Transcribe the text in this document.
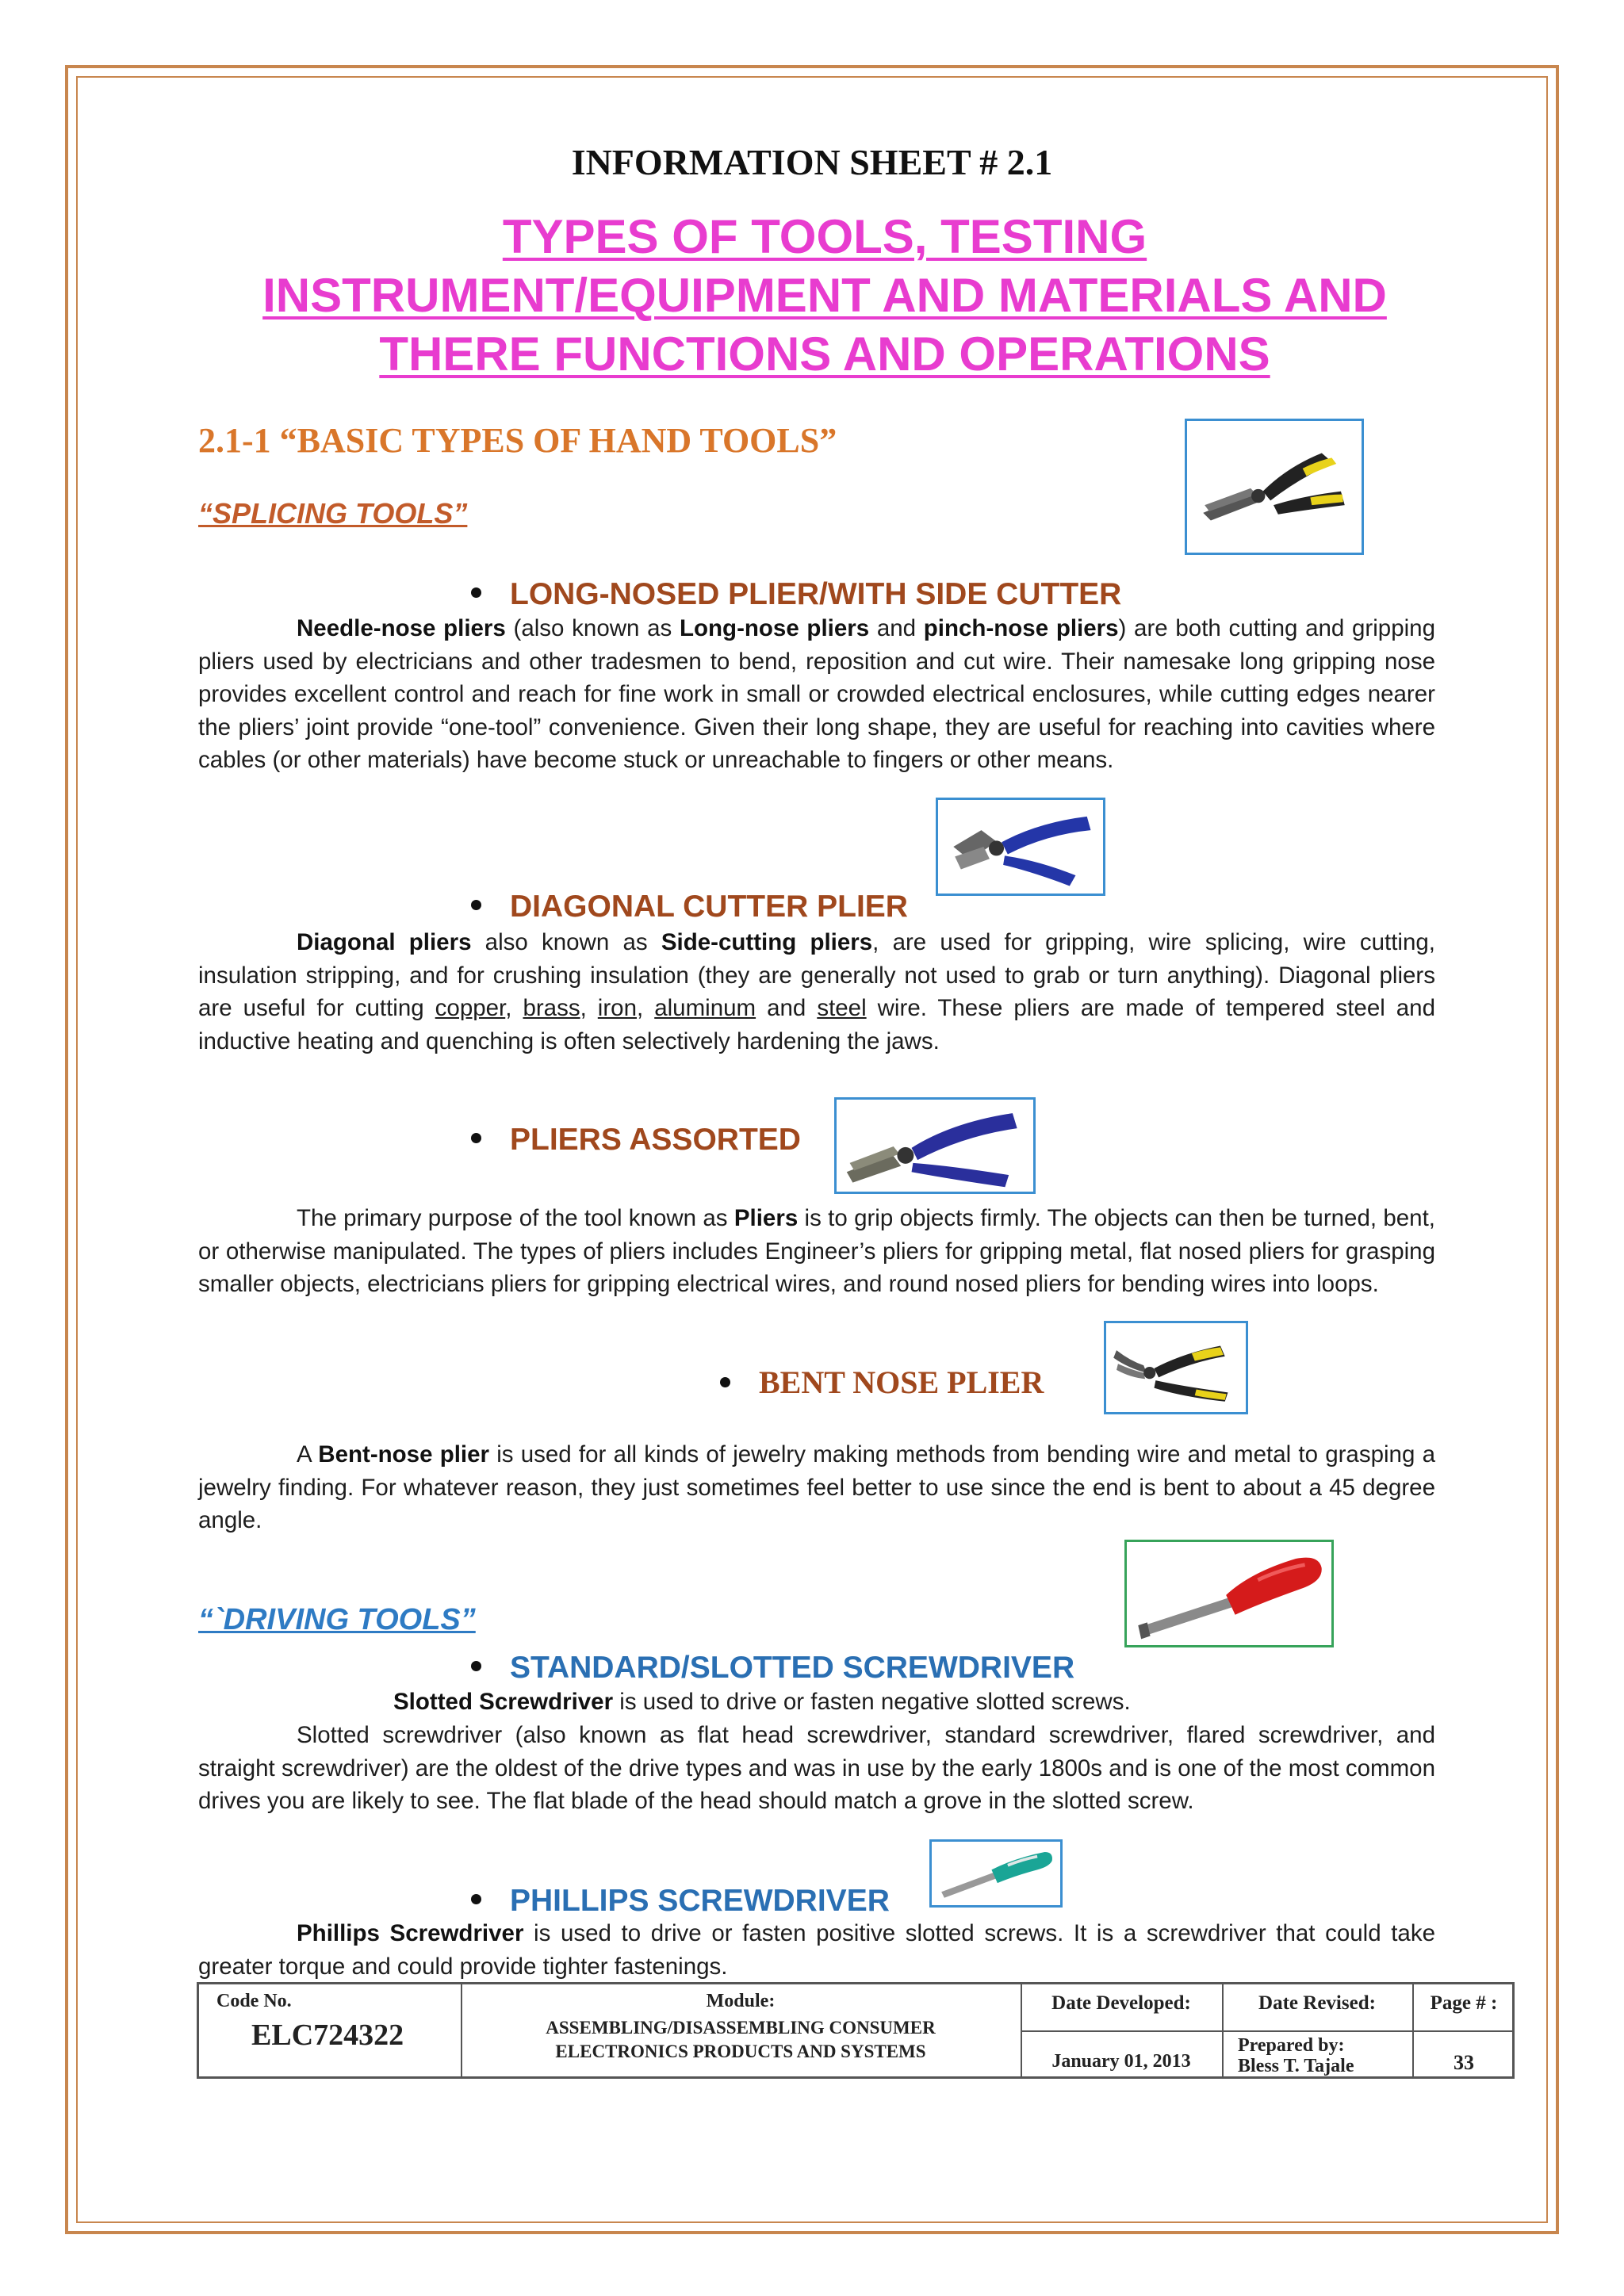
INFORMATION SHEET # 2.1
TYPES OF TOOLS, TESTING
INSTRUMENT/EQUIPMENT AND MATERIALS AND
THERE FUNCTIONS AND OPERATIONS
2.1-1 “BASIC TYPES OF HAND TOOLS”
“SPLICING TOOLS”
LONG-NOSED PLIER/WITH SIDE CUTTER
Needle-nose pliers (also known as Long-nose pliers and pinch-nose pliers) are both cutting and gripping pliers used by electricians and other tradesmen to bend, reposition and cut wire. Their namesake long gripping nose provides excellent control and reach for fine work in small or crowded electrical enclosures, while cutting edges nearer the pliers’ joint provide “one-tool” convenience. Given their long shape, they are useful for reaching into cavities where cables (or other materials) have become stuck or unreachable to fingers or other means.
DIAGONAL CUTTER PLIER
Diagonal pliers also known as Side-cutting pliers, are used for gripping, wire splicing, wire cutting, insulation stripping, and for crushing insulation (they are generally not used to grab or turn anything). Diagonal pliers are useful for cutting copper, brass, iron, aluminum and steel wire. These pliers are made of tempered steel and inductive heating and quenching is often selectively hardening the jaws.
PLIERS ASSORTED
The primary purpose of the tool known as Pliers is to grip objects firmly. The objects can then be turned, bent, or otherwise manipulated. The types of pliers includes Engineer’s pliers for gripping metal, flat nosed pliers for grasping smaller objects, electricians pliers for gripping electrical wires, and round nosed pliers for bending wires into loops.
BENT NOSE PLIER
A Bent-nose plier is used for all kinds of jewelry making methods from bending wire and metal to grasping a jewelry finding. For whatever reason, they just sometimes feel better to use since the end is bent to about a 45 degree angle.
“`DRIVING TOOLS”
STANDARD/SLOTTED SCREWDRIVER
Slotted Screwdriver is used to drive or fasten negative slotted screws.
Slotted screwdriver (also known as flat head screwdriver, standard screwdriver, flared screwdriver, and straight screwdriver) are the oldest of the drive types and was in use by the early 1800s and is one of the most common drives you are likely to see. The flat blade of the head should match a grove in the slotted screw.
PHILLIPS SCREWDRIVER
Phillips Screwdriver is used to drive or fasten positive slotted screws. It is a screwdriver that could take greater torque and could provide tighter fastenings.
Code No.
ELC724322
Module:
ASSEMBLING/DISASSEMBLING CONSUMER
ELECTRONICS PRODUCTS AND SYSTEMS
Date Developed:
January 01, 2013
Date Revised:
Prepared by:
Bless T. Tajale
Page # :
33
